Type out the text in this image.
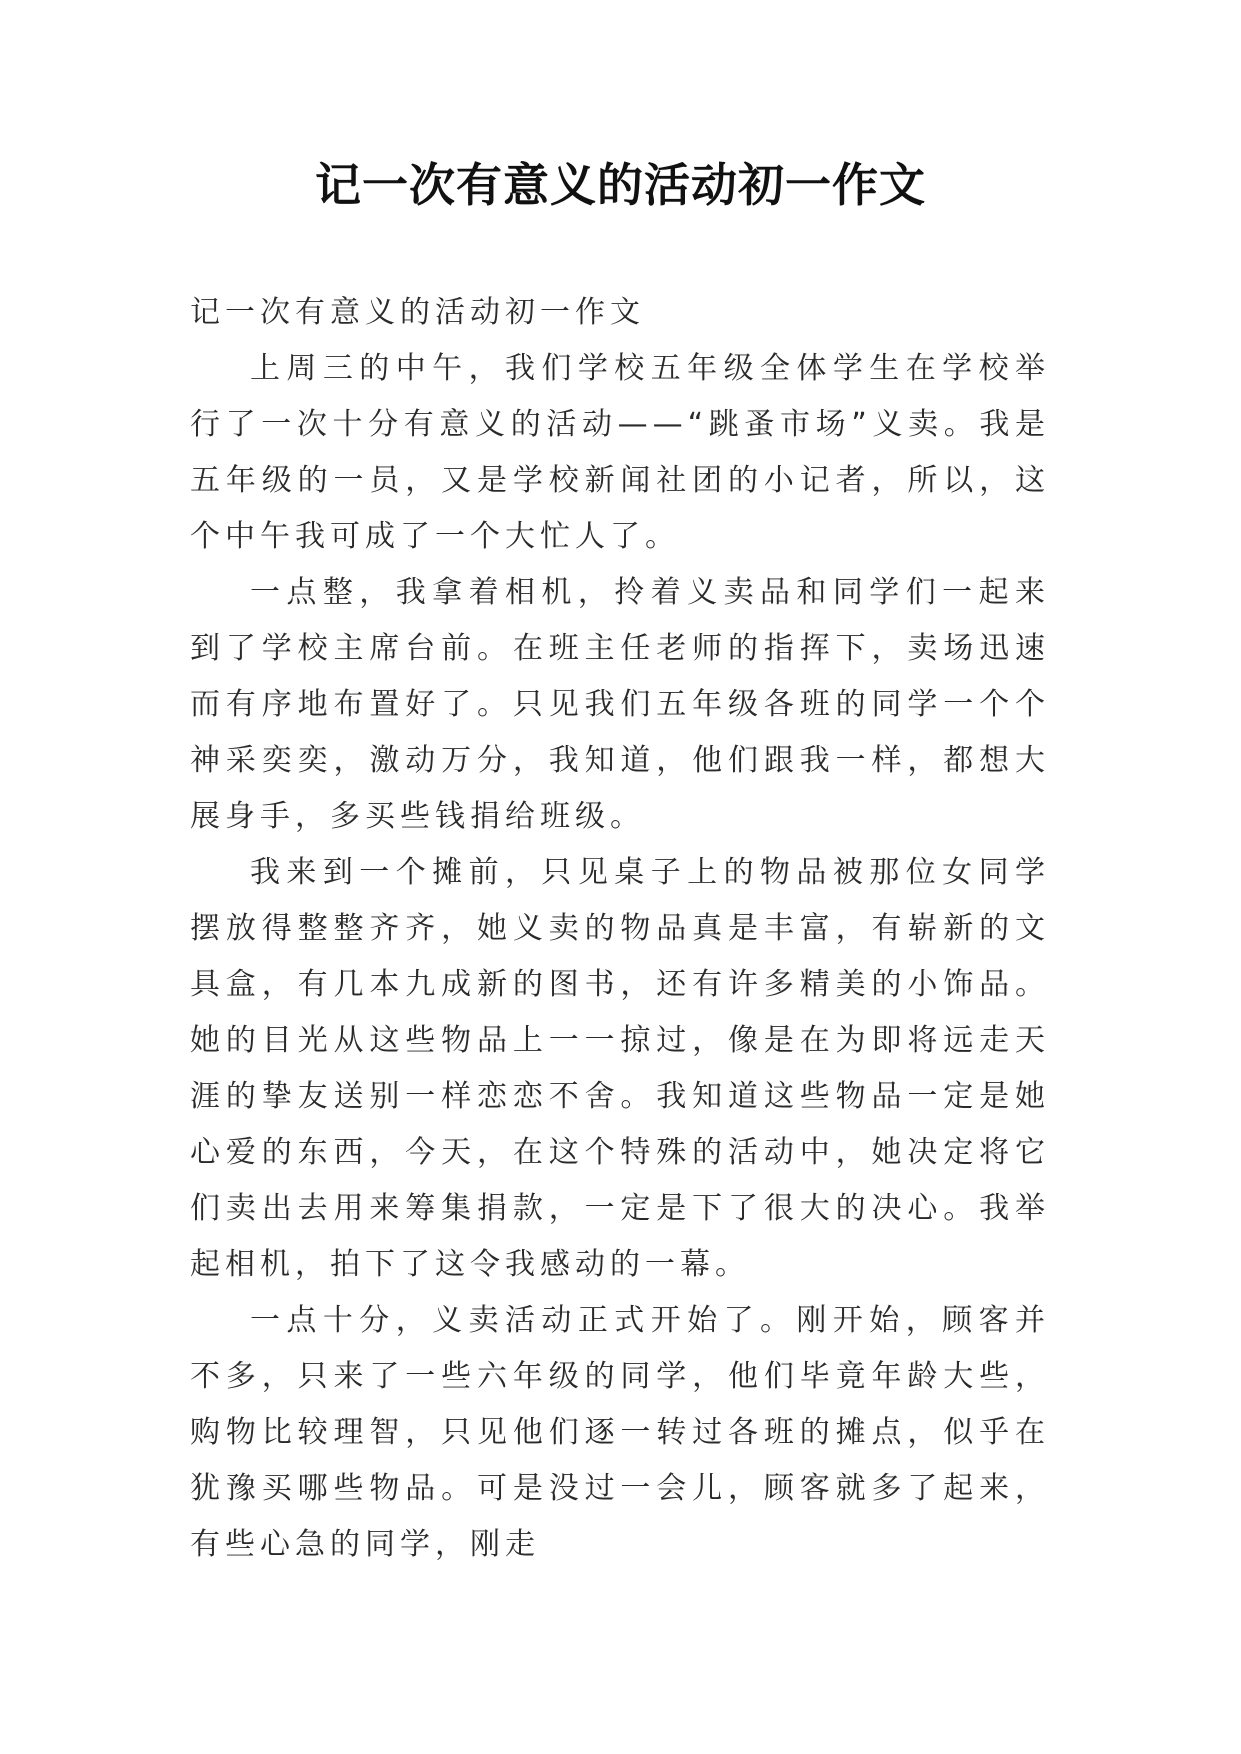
记一次有意义的活动初一作文

记一次有意义的活动初一作文

上周三的中午，我们学校五年级全体学生在学校举行了一次十分有意义的活动——“跳蚤市场”义卖。我是五年级的一员，又是学校新闻社团的小记者，所以，这个中午我可成了一个大忙人了。

一点整，我拿着相机，拎着义卖品和同学们一起来到了学校主席台前。在班主任老师的指挥下，卖场迅速而有序地布置好了。只见我们五年级各班的同学一个个神采奕奕，激动万分，我知道，他们跟我一样，都想大展身手，多买些钱捐给班级。

我来到一个摊前，只见桌子上的物品被那位女同学摆放得整整齐齐，她义卖的物品真是丰富，有崭新的文具盒，有几本九成新的图书，还有许多精美的小饰品。她的目光从这些物品上一一掠过，像是在为即将远走天涯的挚友送别一样恋恋不舍。我知道这些物品一定是她心爱的东西，今天，在这个特殊的活动中，她决定将它们卖出去用来筹集捐款，一定是下了很大的决心。我举起相机，拍下了这令我感动的一幕。

一点十分，义卖活动正式开始了。刚开始，顾客并不多，只来了一些六年级的同学，他们毕竟年龄大些，购物比较理智，只见他们逐一转过各班的摊点，似乎在犹豫买哪些物品。可是没过一会儿，顾客就多了起来，有些心急的同学，刚走
